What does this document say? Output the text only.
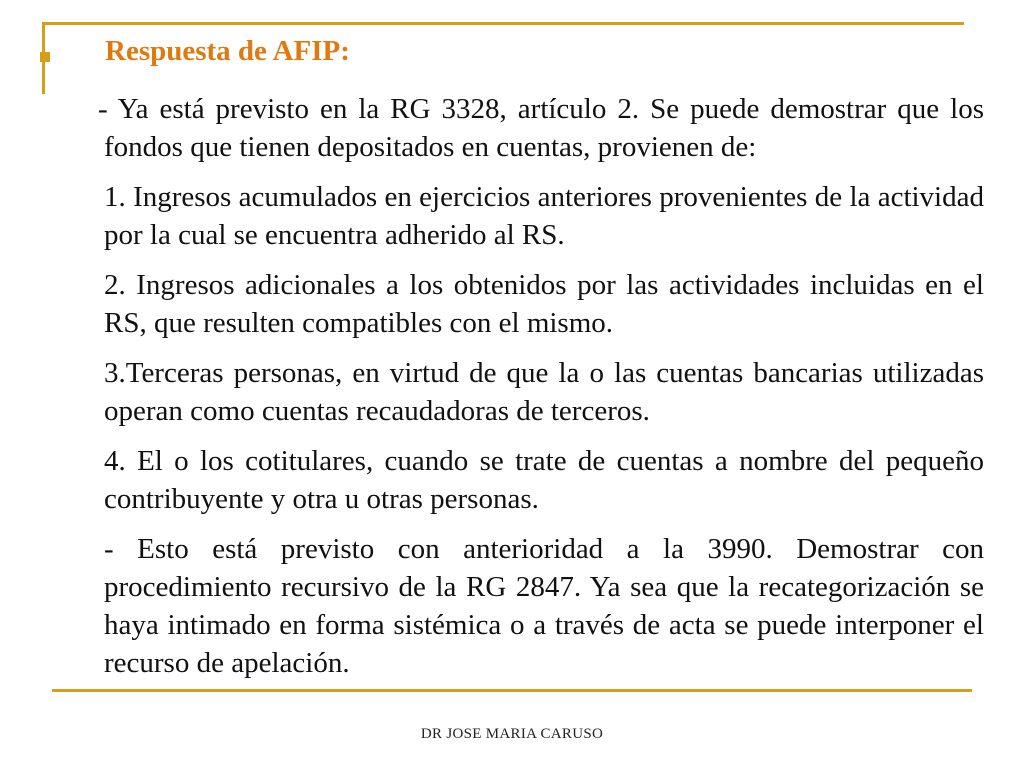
Respuesta de AFIP:

- Ya está previsto en la RG 3328, artículo 2. Se puede demostrar que los fondos que tienen depositados en cuentas, provienen de:

1. Ingresos acumulados en ejercicios anteriores provenientes de la actividad por la cual se encuentra adherido al RS.

2. Ingresos adicionales a los obtenidos por las actividades incluidas en el RS, que resulten compatibles con el mismo.

3.Terceras personas, en virtud de que la o las cuentas bancarias utilizadas operan como cuentas recaudadoras de terceros.

4. El o los cotitulares, cuando se trate de cuentas a nombre del pequeño contribuyente y otra u otras personas.

- Esto está previsto con anterioridad a la 3990. Demostrar con procedimiento recursivo de la RG 2847. Ya sea que la recategorización se haya intimado en forma sistémica o a través de acta se puede interponer el recurso de apelación.

DR JOSE MARIA CARUSO
